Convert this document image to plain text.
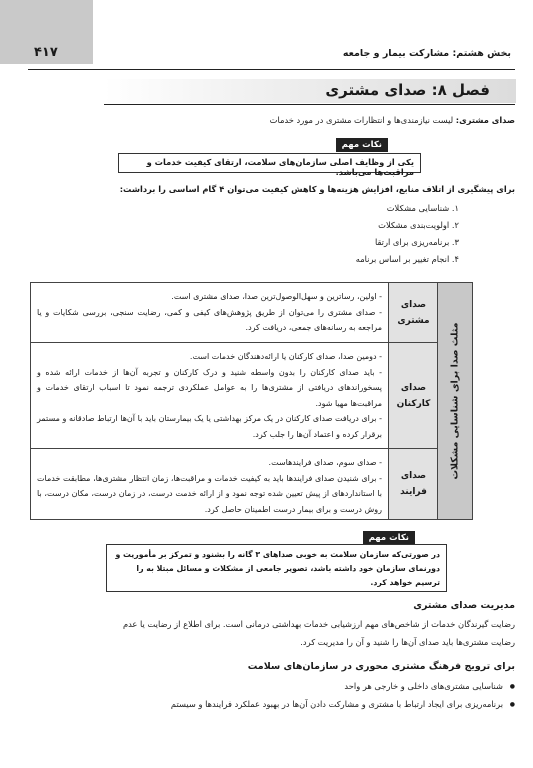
۴۱۷	بخش هشتم: مشارکت بیمار و جامعه
فصل ۸: صدای مشتری
صدای مشتری: لیست نیازمندی‌ها و انتظارات مشتری در مورد خدمات
نکات مهم
یکی از وظایف اصلی سازمان‌های سلامت، ارتقای کیفیت خدمات و مراقبت‌ها می‌باشد.
برای پیشگیری از اتلاف منابع، افزایش هزینه‌ها و کاهش کیفیت می‌توان ۴ گام اساسی را برداشت:
۱. شناسایی مشکلات
۲. اولویت‌بندی مشکلات
۳. برنامه‌ریزی برای ارتقا
۴. انجام تغییر بر اساس برنامه
صدای مشتری
- اولین، رساترین و سهل‌الوصول‌ترین صدا، صدای مشتری است.
- صدای مشتری را می‌توان از طریق پژوهش‌های کیفی و کمی، رضایت سنجی، بررسی شکایات و یا مراجعه به رسانه‌های جمعی، دریافت کرد.
صدای کارکنان
- دومین صدا، صدای کارکنان یا ارائه‌دهندگان خدمات است.
- باید صدای کارکنان را بدون واسطه شنید و درک کارکنان و تجربه آن‌ها از خدمات ارائه شده و پسخوراندهای دریافتی از مشتری‌ها را به عوامل عملکردی ترجمه نمود تا اسباب ارتقای خدمات و مراقبت‌ها مهیا شود.
- برای دریافت صدای کارکنان در یک مرکز بهداشتی یا یک بیمارستان باید با آن‌ها ارتباط صادقانه و مستمر برقرار کرده و اعتماد آن‌ها را جلب کرد.
صدای فرایند
- صدای سوم، صدای فرایندهاست.
- برای شنیدن صدای فرایندها باید به کیفیت خدمات و مراقبت‌ها، زمان انتظار مشتری‌ها، مطابقت خدمات با استانداردهای از پیش تعیین شده توجه نمود و از ارائه خدمت درست، در زمان درست، مکان درست، با روش درست و برای بیمار درست اطمینان حاصل کرد.
مثلث صدا برای شناسایی مشکلات
نکات مهم
در صورتی‌که سازمان سلامت به خوبی صداهای ۳ گانه را بشنود و تمرکز بر مأموریت و دورنمای سازمان خود داشته باشد، تصویر جامعی از مشکلات و مسائل مبتلا به را ترسیم خواهد کرد.
مدیریت صدای مشتری
رضایت گیرندگان خدمات از شاخص‌های مهم ارزشیابی خدمات بهداشتی درمانی است. برای اطلاع از رضایت یا عدم
رضایت مشتری‌ها باید صدای آن‌ها را شنید و آن را مدیریت کرد.
برای ترویج فرهنگ مشتری محوری در سازمان‌های سلامت
شناسایی مشتری‌های داخلی و خارجی هر واحد ●
برنامه‌ریزی برای ایجاد ارتباط با مشتری و مشارکت دادن آن‌ها در بهبود عملکرد فرایندها و سیستم ●
